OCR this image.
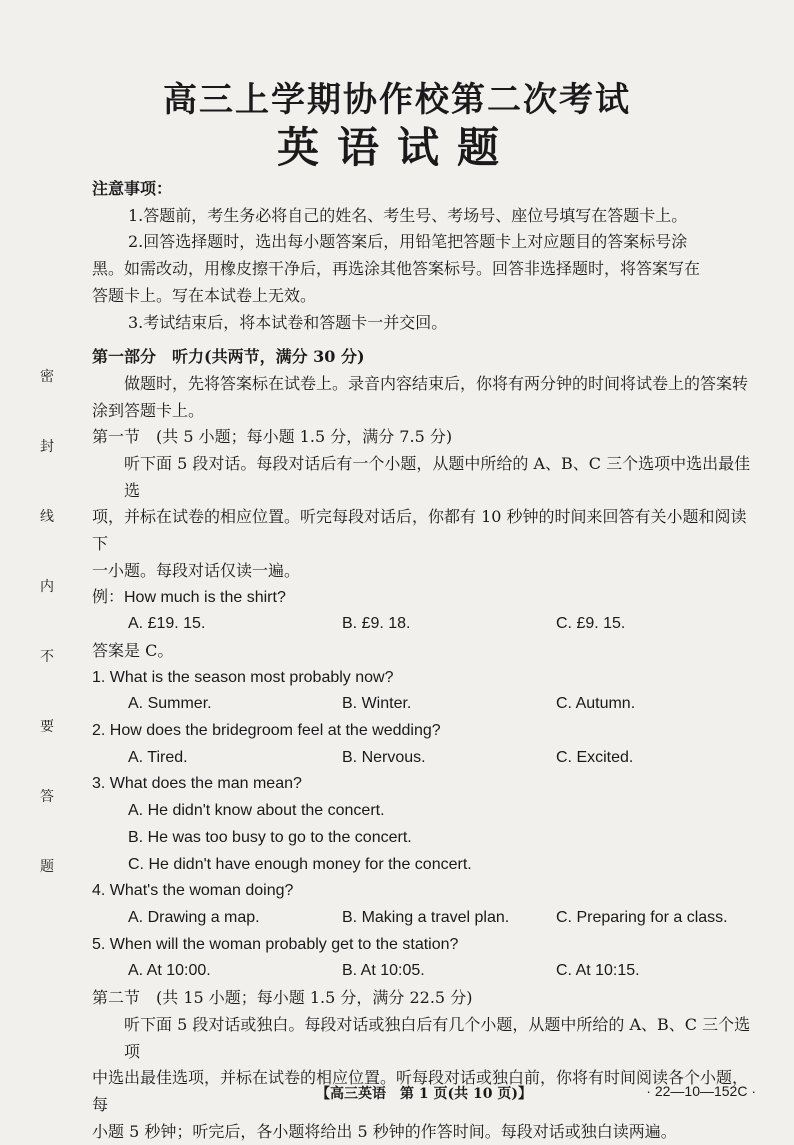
密
封
线
内
不
要
答
题
高三上学期协作校第二次考试
英语试题

注意事项：

1.答题前，考生务必将自己的姓名、考生号、考场号、座位号填写在答题卡上。

2.回答选择题时，选出每小题答案后，用铅笔把答题卡上对应题目的答案标号涂

黑。如需改动，用橡皮擦干净后，再选涂其他答案标号。回答非选择题时，将答案写在

答题卡上。写在本试卷上无效。

3.考试结束后，将本试卷和答题卡一并交回。

第一部分　听力(共两节，满分 30 分)

做题时，先将答案标在试卷上。录音内容结束后，你将有两分钟的时间将试卷上的答案转

涂到答题卡上。

第一节　(共 5 小题；每小题 1.5 分，满分 7.5 分)

听下面 5 段对话。每段对话后有一个小题，从题中所给的 A、B、C 三个选项中选出最佳选

项，并标在试卷的相应位置。听完每段对话后，你都有 10 秒钟的时间来回答有关小题和阅读下

一小题。每段对话仅读一遍。

例：How much is the shirt?

A. £19. 15.	B. £9. 18.	C. £9. 15.

答案是 C。

1. What is the season most probably now?

A. Summer.	B. Winter.	C. Autumn.

2. How does the bridegroom feel at the wedding?

A. Tired.	B. Nervous.	C. Excited.

3. What does the man mean?

A. He didn't know about the concert.

B. He was too busy to go to the concert.

C. He didn't have enough money for the concert.

4. What's the woman doing?

A. Drawing a map.	B. Making a travel plan.	C. Preparing for a class.

5. When will the woman probably get to the station?

A. At 10:00.	B. At 10:05.	C. At 10:15.

第二节　(共 15 小题；每小题 1.5 分，满分 22.5 分)

听下面 5 段对话或独白。每段对话或独白后有几个小题，从题中所给的 A、B、C 三个选项

中选出最佳选项，并标在试卷的相应位置。听每段对话或独白前，你将有时间阅读各个小题，每

小题 5 秒钟；听完后，各小题将给出 5 秒钟的作答时间。每段对话或独白读两遍。

【高三英语　第 1 页(共 10 页)】	· 22—10—152C ·
